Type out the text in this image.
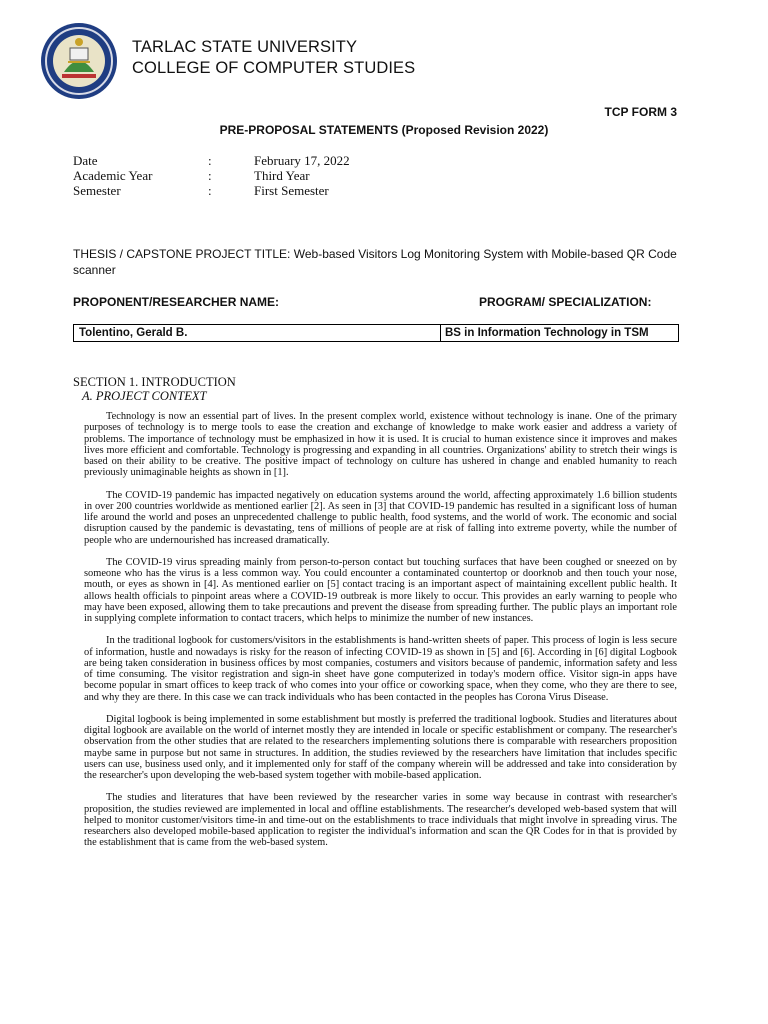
TARLAC STATE UNIVERSITY
COLLEGE OF COMPUTER STUDIES
TCP FORM 3
PRE-PROPOSAL STATEMENTS (Proposed Revision 2022)
Date	:	February 17, 2022
Academic Year	:	Third Year
Semester	:	First Semester
THESIS / CAPSTONE PROJECT TITLE: Web-based Visitors Log Monitoring System with Mobile-based QR Code scanner
PROPONENT/RESEARCHER NAME:	PROGRAM/ SPECIALIZATION:
Tolentino, Gerald B.	BS in Information Technology in TSM
SECTION 1. INTRODUCTION
A. PROJECT CONTEXT

Technology is now an essential part of lives. In the present complex world, existence without technology is inane. One of the primary purposes of technology is to merge tools to ease the creation and exchange of knowledge to make work easier and address a variety of problems. The importance of technology must be emphasized in how it is used. It is crucial to human existence since it improves and makes lives more efficient and comfortable. Technology is progressing and expanding in all countries. Organizations' ability to stretch their wings is based on their ability to be creative. The positive impact of technology on culture has ushered in change and enabled humanity to reach previously unimaginable heights as shown in [1].

The COVID-19 pandemic has impacted negatively on education systems around the world, affecting approximately 1.6 billion students in over 200 countries worldwide as mentioned earlier [2]. As seen in [3] that COVID-19 pandemic has resulted in a significant loss of human life around the world and poses an unprecedented challenge to public health, food systems, and the world of work. The economic and social disruption caused by the pandemic is devastating, tens of millions of people are at risk of falling into extreme poverty, while the number of people who are undernourished has increased dramatically.

The COVID-19 virus spreading mainly from person-to-person contact but touching surfaces that have been coughed or sneezed on by someone who has the virus is a less common way. You could encounter a contaminated countertop or doorknob and then touch your nose, mouth, or eyes as shown in [4]. As mentioned earlier on [5] contact tracing is an important aspect of maintaining excellent public health. It allows health officials to pinpoint areas where a COVID-19 outbreak is more likely to occur. This provides an early warning to people who may have been exposed, allowing them to take precautions and prevent the disease from spreading further. The public plays an important role in supplying complete information to contact tracers, which helps to minimize the number of new instances.

In the traditional logbook for customers/visitors in the establishments is hand-written sheets of paper. This process of login is less secure of information, hustle and nowadays is risky for the reason of infecting COVID-19 as shown in [5] and [6]. According in [6] digital Logbook are being taken consideration in business offices by most companies, costumers and visitors because of pandemic, information safety and less of time consuming. The visitor registration and sign-in sheet have gone computerized in today's modern office. Visitor sign-in apps have become popular in smart offices to keep track of who comes into your office or coworking space, when they come, who they are there to see, and why they are there. In this case we can track individuals who has been contacted in the peoples has Corona Virus Disease.

Digital logbook is being implemented in some establishment but mostly is preferred the traditional logbook. Studies and literatures about digital logbook are available on the world of internet mostly they are intended in locale or specific establishment or company. The researcher's observation from the other studies that are related to the researchers implementing solutions there is comparable with researchers proposition maybe same in purpose but not same in structures. In addition, the studies reviewed by the researchers have limitation that includes specific users can use, business used only, and it implemented only for staff of the company wherein will be addressed and take into consideration by the researcher's upon developing the web-based system together with mobile-based application.

The studies and literatures that have been reviewed by the researcher varies in some way because in contrast with researcher's proposition, the studies reviewed are implemented in local and offline establishments. The researcher's developed web-based system that will helped to monitor customer/visitors time-in and time-out on the establishments to trace individuals that might involve in spreading virus. The researchers also developed mobile-based application to register the individual's information and scan the QR Codes for in that is provided by the establishment that is came from the web-based system.
